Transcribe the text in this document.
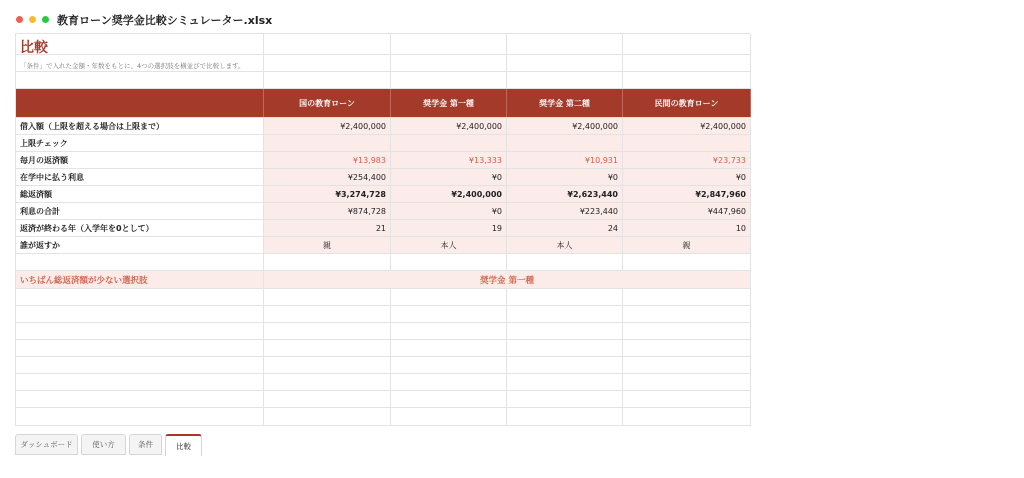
教育ローン奨学金比較シミュレーター.xlsx
比較
「条件」で入れた金額・年数をもとに、4つの選択肢を横並びで比較します。
国の教育ローン	奨学金 第一種	奨学金 第二種	民間の教育ローン
借入額（上限を超える場合は上限まで）	¥2,400,000	¥2,400,000	¥2,400,000	¥2,400,000
上限チェック
毎月の返済額	¥13,983	¥13,333	¥10,931	¥23,733
在学中に払う利息	¥254,400	¥0	¥0	¥0
総返済額	¥3,274,728	¥2,400,000	¥2,623,440	¥2,847,960
利息の合計	¥874,728	¥0	¥223,440	¥447,960
返済が終わる年（入学年を0として）	21	19	24	10
誰が返すか	親	本人	本人	親
いちばん総返済額が少ない選択肢	奨学金 第一種
ダッシュボード	使い方	条件	比較
